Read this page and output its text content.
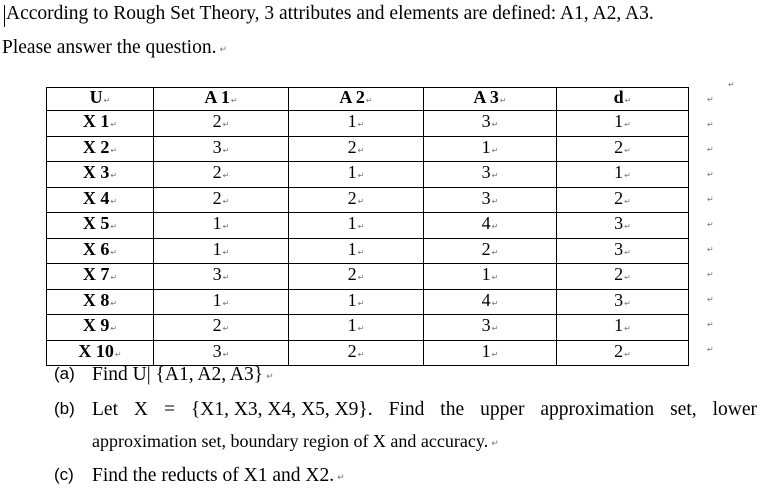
According to Rough Set Theory, 3 attributes and elements are defined: A1, A2, A3.
Please answer the question. ↵
↵
U↵	A 1↵	A 2↵	A 3↵	d↵
X 1↵	2↵	1↵	3↵	1↵
X 2↵	3↵	2↵	1↵	2↵
X 3↵	2↵	1↵	3↵	1↵
X 4↵	2↵	2↵	3↵	2↵
X 5↵	1↵	1↵	4↵	3↵
X 6↵	1↵	1↵	2↵	3↵
X 7↵	3↵	2↵	1↵	2↵
X 8↵	1↵	1↵	4↵	3↵
X 9↵	2↵	1↵	3↵	1↵
X 10↵	3↵	2↵	1↵	2↵
↵
↵
↵
↵
↵
↵
↵
↵
↵
↵
↵
(a) Find U| {A1, A2, A3} ↵
(b) Let X = {X1, X3, X4, X5, X9}. Find the upper approximation set, lower
approximation set, boundary region of X and accuracy. ↵
(c) Find the reducts of X1 and X2. ↵
